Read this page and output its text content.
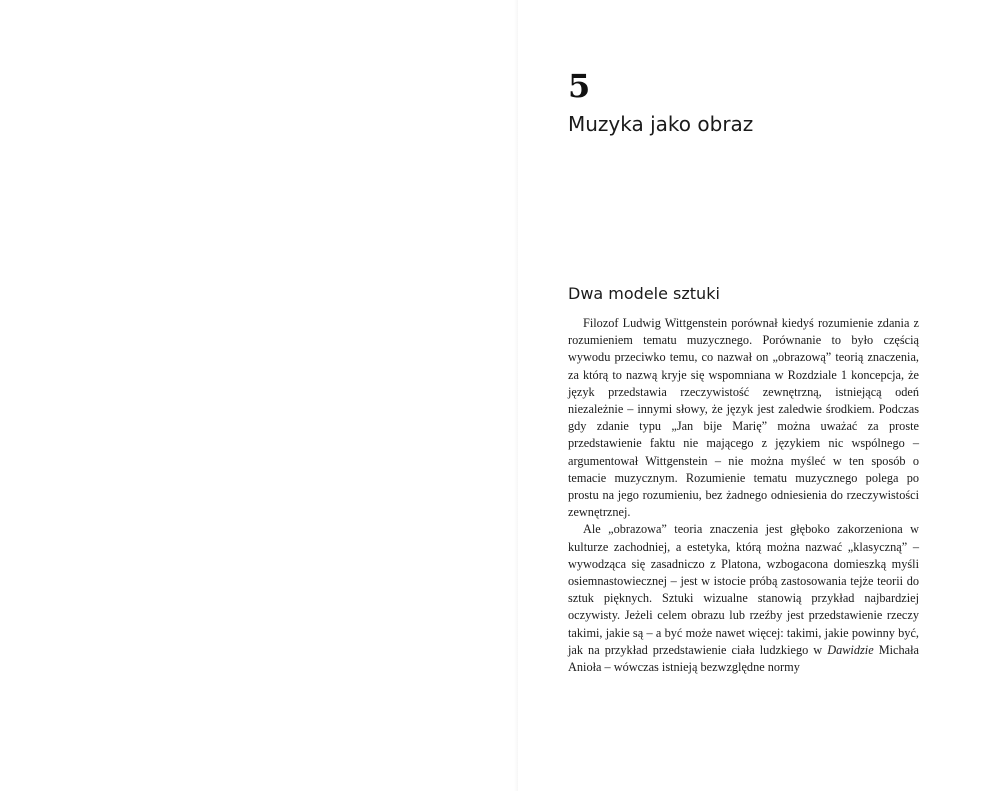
5
Muzyka jako obraz
Dwa modele sztuki

Filozof Ludwig Wittgenstein porównał kiedyś rozumienie zdania z rozumieniem tematu muzycznego. Porównanie to było częścią wywodu przeciwko temu, co nazwał on „obrazową” teorią znaczenia, za którą to nazwą kryje się wspomniana w Rozdziale 1 koncepcja, że język przedstawia rzeczywistość zewnętrzną, istniejącą odeń niezależnie – innymi słowy, że język jest zaledwie środkiem. Podczas gdy zdanie typu „Jan bije Marię” można uważać za proste przedstawienie faktu nie mającego z językiem nic wspólnego – argumentował Wittgenstein – nie można myśleć w ten sposób o temacie muzycznym. Rozumienie tematu muzycznego polega po prostu na jego rozumieniu, bez żadnego odniesienia do rzeczywistości zewnętrznej.

Ale „obrazowa” teoria znaczenia jest głęboko zakorzeniona w kulturze zachodniej, a estetyka, którą można nazwać „klasyczną” – wywodząca się zasadniczo z Platona, wzbogacona domieszką myśli osiemnastowiecznej – jest w istocie próbą zastosowania tejże teorii do sztuk pięknych. Sztuki wizualne stanowią przykład najbardziej oczywisty. Jeżeli celem obrazu lub rzeźby jest przedstawienie rzeczy takimi, jakie są – a być może nawet więcej: takimi, jakie powinny być, jak na przykład przedstawienie ciała ludzkiego w Dawidzie Michała Anioła – wówczas istnieją bezwzględne normy
